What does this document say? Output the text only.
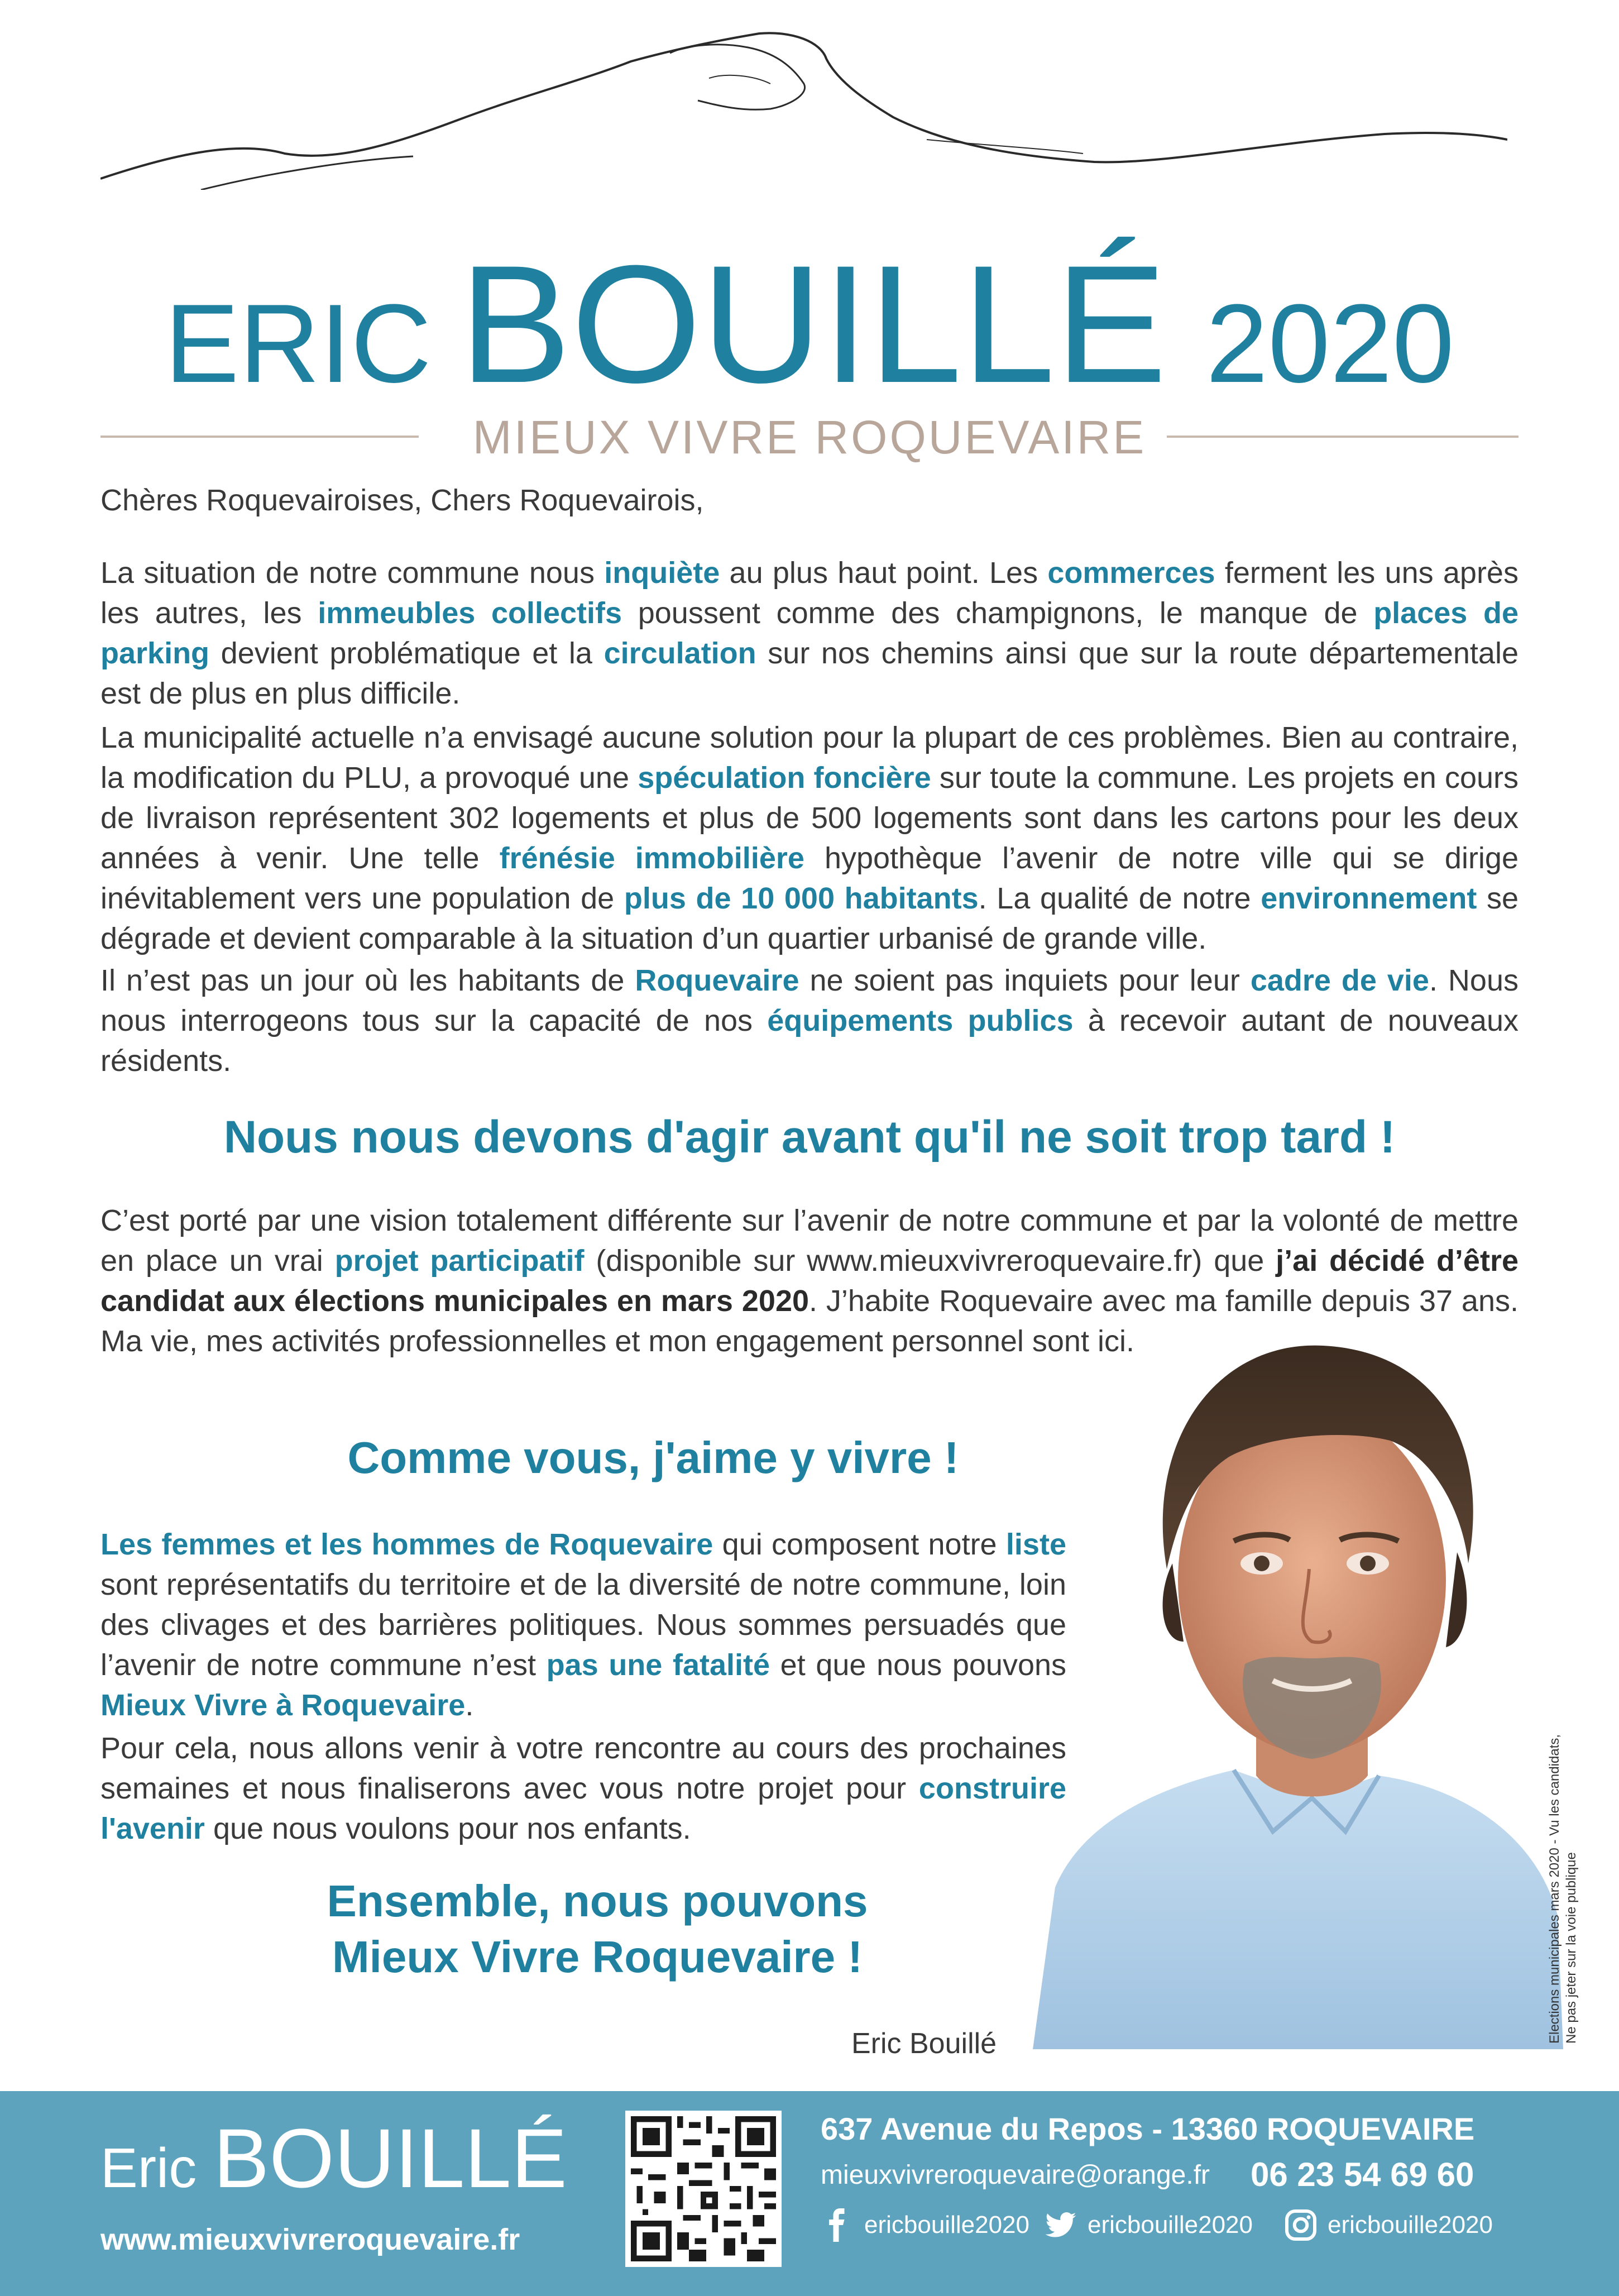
ERIC BOUILLÉ 2020
MIEUX VIVRE ROQUEVAIRE
Chères Roquevairoises, Chers Roquevairois,
La situation de notre commune nous inquiète au plus haut point. Les commerces ferment les uns après les autres, les immeubles collectifs poussent comme des champignons, le manque de places de parking devient problématique et la circulation sur nos chemins ainsi que sur la route départementale est de plus en plus difficile.
La municipalité actuelle n’a envisagé aucune solution pour la plupart de ces problèmes. Bien au contraire, la modification du PLU, a provoqué une spéculation foncière sur toute la commune. Les projets en cours de livraison représentent 302 logements et plus de 500 logements sont dans les cartons pour les deux années à venir. Une telle frénésie immobilière hypothèque l’avenir de notre ville qui se dirige inévitablement vers une population de plus de 10 000 habitants. La qualité de notre environnement se dégrade et devient comparable à la situation d’un quartier urbanisé de grande ville.
Il n’est pas un jour où les habitants de Roquevaire ne soient pas inquiets pour leur cadre de vie. Nous nous interrogeons tous sur la capacité de nos équipements publics à recevoir autant de nouveaux résidents.
Nous nous devons d'agir avant qu'il ne soit trop tard !
C’est porté par une vision totalement différente sur l’avenir de notre commune et par la volonté de mettre en place un vrai projet participatif (disponible sur www.mieuxvivreroquevaire.fr) que j’ai décidé d’être candidat aux élections municipales en mars 2020. J’habite Roquevaire avec ma famille depuis 37 ans. Ma vie, mes activités professionnelles et mon engagement personnel sont ici.
Comme vous, j'aime y vivre !
Les femmes et les hommes de Roquevaire qui composent notre liste sont représentatifs du territoire et de la diversité de notre commune, loin des clivages et des barrières politiques. Nous sommes persuadés que l’avenir de notre commune n’est pas une fatalité et que nous pouvons Mieux Vivre à Roquevaire.
Pour cela, nous allons venir à votre rencontre au cours des prochaines semaines et nous finaliserons avec vous notre projet pour construire l'avenir que nous voulons pour nos enfants.
Ensemble, nous pouvons
Mieux Vivre Roquevaire !
Eric Bouillé	Elections municipales mars 2020 - Vu les candidats, Ne pas jeter sur la voie publique
Eric BOUILLÉ
www.mieuxvivreroquevaire.fr
637 Avenue du Repos - 13360 ROQUEVAIRE
mieuxvivreroquevaire@orange.fr 06 23 54 69 60
ericbouille2020 ericbouille2020	ericbouille2020
